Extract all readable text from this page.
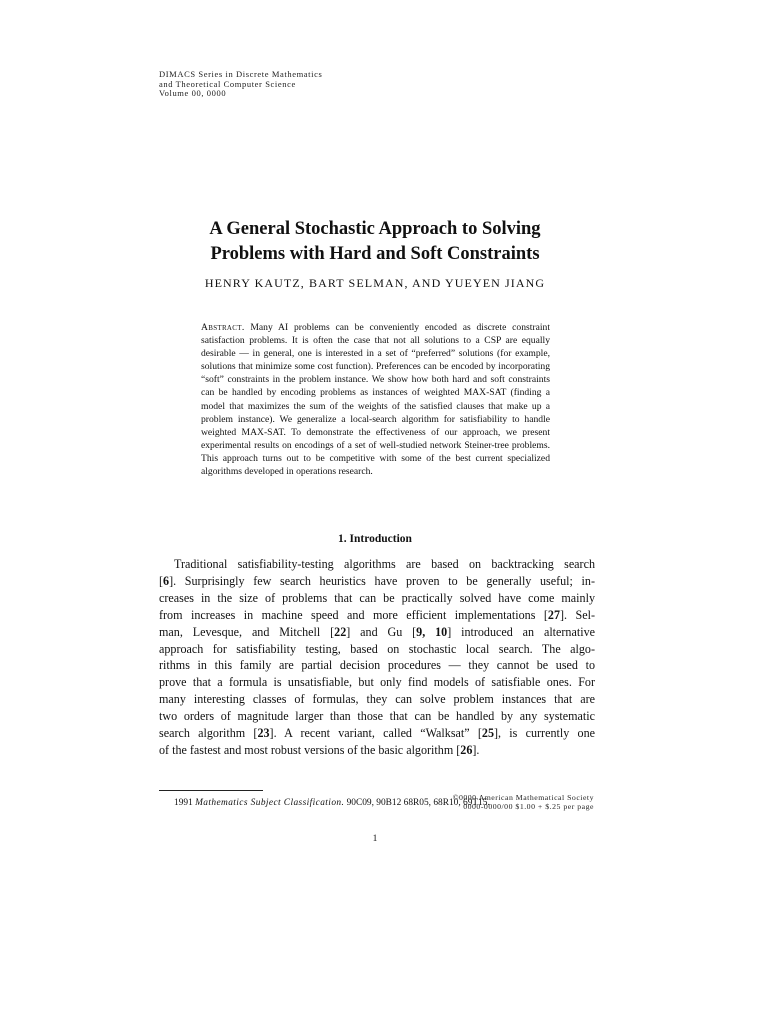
DIMACS Series in Discrete Mathematics
and Theoretical Computer Science
Volume 00, 0000
A General Stochastic Approach to Solving
Problems with Hard and Soft Constraints
HENRY KAUTZ, BART SELMAN, AND YUEYEN JIANG
Abstract. Many AI problems can be conveniently encoded as discrete constraint satisfaction problems. It is often the case that not all solutions to a CSP are equally desirable — in general, one is interested in a set of “preferred” solutions (for example, solutions that minimize some cost function). Preferences can be encoded by incorporating “soft” constraints in the problem instance. We show how both hard and soft constraints can be handled by encoding problems as instances of weighted MAX-SAT (finding a model that maximizes the sum of the weights of the satisfied clauses that make up a problem instance). We generalize a local-search algorithm for satisfiability to handle weighted MAX-SAT. To demonstrate the effectiveness of our approach, we present experimental results on encodings of a set of well-studied network Steiner-tree problems. This approach turns out to be competitive with some of the best current specialized algorithms developed in operations research.
1. Introduction
Traditional satisfiability-testing algorithms are based on backtracking search
[6]. Surprisingly few search heuristics have proven to be generally useful; in-
creases in the size of problems that can be practically solved have come mainly
from increases in machine speed and more efficient implementations [27]. Sel-
man, Levesque, and Mitchell [22] and Gu [9, 10] introduced an alternative
approach for satisfiability testing, based on stochastic local search. The algo-
rithms in this family are partial decision procedures — they cannot be used to
prove that a formula is unsatisfiable, but only find models of satisfiable ones. For
many interesting classes of formulas, they can solve problem instances that are
two orders of magnitude larger than those that can be handled by any systematic
search algorithm [23]. A recent variant, called “Walksat” [25], is currently one
of the fastest and most robust versions of the basic algorithm [26].
1991 Mathematics Subject Classification. 90C09, 90B12 68R05, 68R10, 69T15.
©0000 American Mathematical Society
0000-0000/00 $1.00 + $.25 per page
1
